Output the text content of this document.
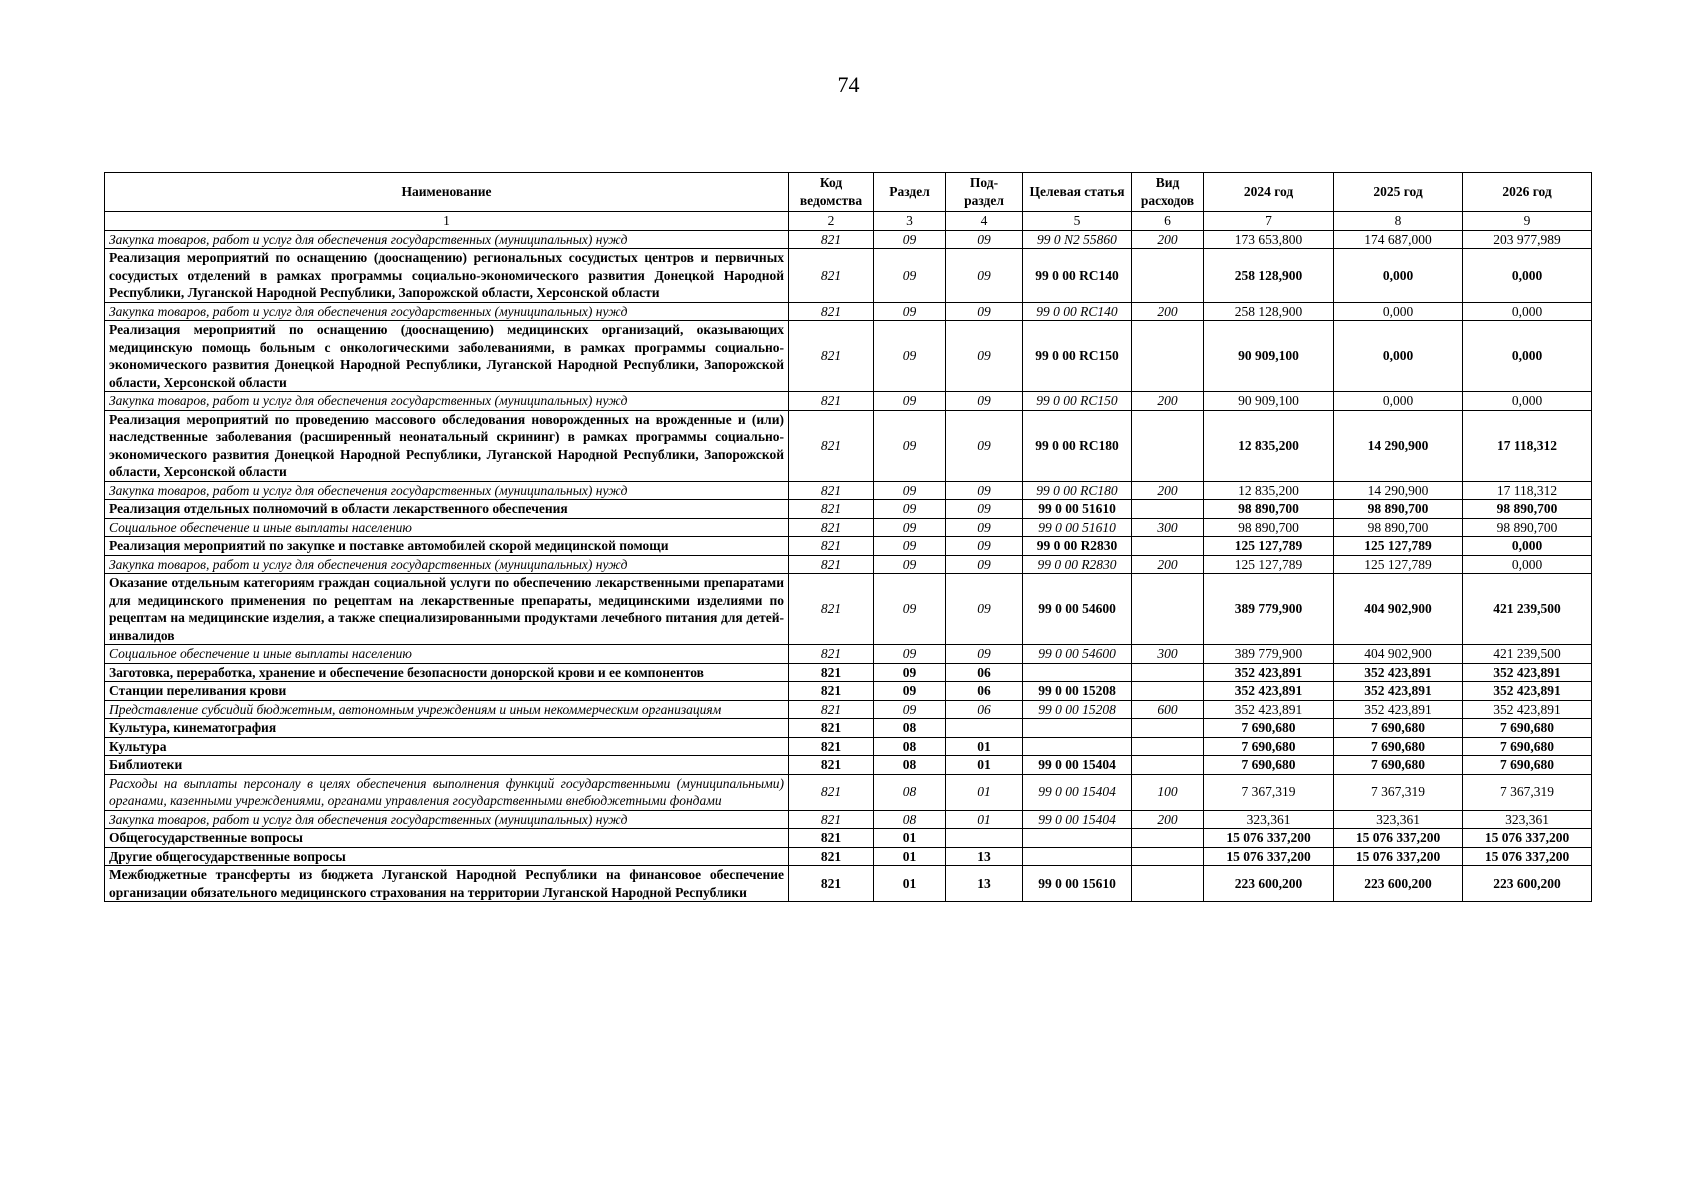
74
Наименование	Код ведомства	Раздел	Под-раздел	Целевая статья	Вид расходов	2024 год	2025 год	2026 год
1	2	3	4	5	6	7	8	9
Закупка товаров, работ и услуг для обеспечения государственных (муниципальных) нужд	821	09	09	99 0 N2 55860	200	173 653,800	174 687,000	203 977,989
Реализация мероприятий по оснащению (дооснащению) региональных сосудистых центров и первичных сосудистых отделений в рамках программы социально-экономического развития Донецкой Народной Республики, Луганской Народной Республики, Запорожской области, Херсонской области	821	09	09	99 0 00 RC140		258 128,900	0,000	0,000
Закупка товаров, работ и услуг для обеспечения государственных (муниципальных) нужд	821	09	09	99 0 00 RC140	200	258 128,900	0,000	0,000
Реализация мероприятий по оснащению (дооснащению) медицинских организаций, оказывающих медицинскую помощь больным с онкологическими заболеваниями, в рамках программы социально-экономического развития Донецкой Народной Республики, Луганской Народной Республики, Запорожской области, Херсонской области	821	09	09	99 0 00 RC150		90 909,100	0,000	0,000
Закупка товаров, работ и услуг для обеспечения государственных (муниципальных) нужд	821	09	09	99 0 00 RC150	200	90 909,100	0,000	0,000
Реализация мероприятий по проведению массового обследования новорожденных на врожденные и (или) наследственные заболевания (расширенный неонатальный скрининг) в рамках программы социально-экономического развития Донецкой Народной Республики, Луганской Народной Республики, Запорожской области, Херсонской области	821	09	09	99 0 00 RC180		12 835,200	14 290,900	17 118,312
Закупка товаров, работ и услуг для обеспечения государственных (муниципальных) нужд	821	09	09	99 0 00 RC180	200	12 835,200	14 290,900	17 118,312
Реализация отдельных полномочий в области лекарственного обеспечения	821	09	09	99 0 00 51610		98 890,700	98 890,700	98 890,700
Социальное обеспечение и иные выплаты населению	821	09	09	99 0 00 51610	300	98 890,700	98 890,700	98 890,700
Реализация мероприятий по закупке и поставке автомобилей скорой медицинской помощи	821	09	09	99 0 00 R2830		125 127,789	125 127,789	0,000
Закупка товаров, работ и услуг для обеспечения государственных (муниципальных) нужд	821	09	09	99 0 00 R2830	200	125 127,789	125 127,789	0,000
Оказание отдельным категориям граждан социальной услуги по обеспечению лекарственными препаратами для медицинского применения по рецептам на лекарственные препараты, медицинскими изделиями по рецептам на медицинские изделия, а также специализированными продуктами лечебного питания для детей-инвалидов	821	09	09	99 0 00 54600		389 779,900	404 902,900	421 239,500
Социальное обеспечение и иные выплаты населению	821	09	09	99 0 00 54600	300	389 779,900	404 902,900	421 239,500
Заготовка, переработка, хранение и обеспечение безопасности донорской крови и ее компонентов	821	09	06			352 423,891	352 423,891	352 423,891
Станции переливания крови	821	09	06	99 0 00 15208		352 423,891	352 423,891	352 423,891
Представление субсидий бюджетным, автономным учреждениям и иным некоммерческим организациям	821	09	06	99 0 00 15208	600	352 423,891	352 423,891	352 423,891
Культура, кинематография	821	08				7 690,680	7 690,680	7 690,680
Культура	821	08	01			7 690,680	7 690,680	7 690,680
Библиотеки	821	08	01	99 0 00 15404		7 690,680	7 690,680	7 690,680
Расходы на выплаты персоналу в целях обеспечения выполнения функций государственными (муниципальными) органами, казенными учреждениями, органами управления государственными внебюджетными фондами	821	08	01	99 0 00 15404	100	7 367,319	7 367,319	7 367,319
Закупка товаров, работ и услуг для обеспечения государственных (муниципальных) нужд	821	08	01	99 0 00 15404	200	323,361	323,361	323,361
Общегосударственные вопросы	821	01				15 076 337,200	15 076 337,200	15 076 337,200
Другие общегосударственные вопросы	821	01	13			15 076 337,200	15 076 337,200	15 076 337,200
Межбюджетные трансферты из бюджета Луганской Народной Республики на финансовое обеспечение организации обязательного медицинского страхования на территории Луганской Народной Республики	821	01	13	99 0 00 15610		223 600,200	223 600,200	223 600,200
